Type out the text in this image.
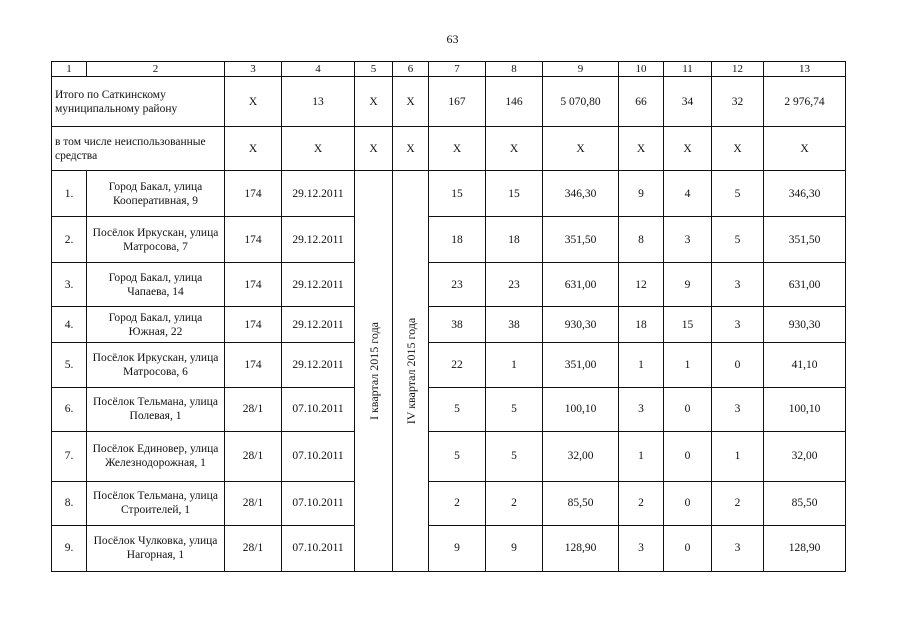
63
1	2	3	4	5	6	7	8	9	10	11	12	13
Итого по Саткинскому муниципальному району		Х	13	Х	Х	167	146	5 070,80	66	34	32	2 976,74
в том числе неиспользованные средства		Х	Х	Х	Х	Х	Х	Х	Х	Х	Х	Х
1.	Город Бакал, улица Кооперативная, 9	174	29.12.2011	I квартал 2015 года	IV квартал 2015 года	15	15	346,30	9	4	5	346,30
2.	Посёлок Иркускан, улица Матросова, 7	174	29.12.2011			18	18	351,50	8	3	5	351,50
3.	Город Бакал, улица Чапаева, 14	174	29.12.2011			23	23	631,00	12	9	3	631,00
4.	Город Бакал, улица Южная, 22	174	29.12.2011			38	38	930,30	18	15	3	930,30
5.	Посёлок Иркускан, улица Матросова, 6	174	29.12.2011			22	1	351,00	1	1	0	41,10
6.	Посёлок Тельмана, улица Полевая, 1	28/1	07.10.2011			5	5	100,10	3	0	3	100,10
7.	Посёлок Единовер, улица Железнодорожная, 1	28/1	07.10.2011			5	5	32,00	1	0	1	32,00
8.	Посёлок Тельмана, улица Строителей, 1	28/1	07.10.2011			2	2	85,50	2	0	2	85,50
9.	Посёлок Чулковка, улица Нагорная, 1	28/1	07.10.2011			9	9	128,90	3	0	3	128,90
